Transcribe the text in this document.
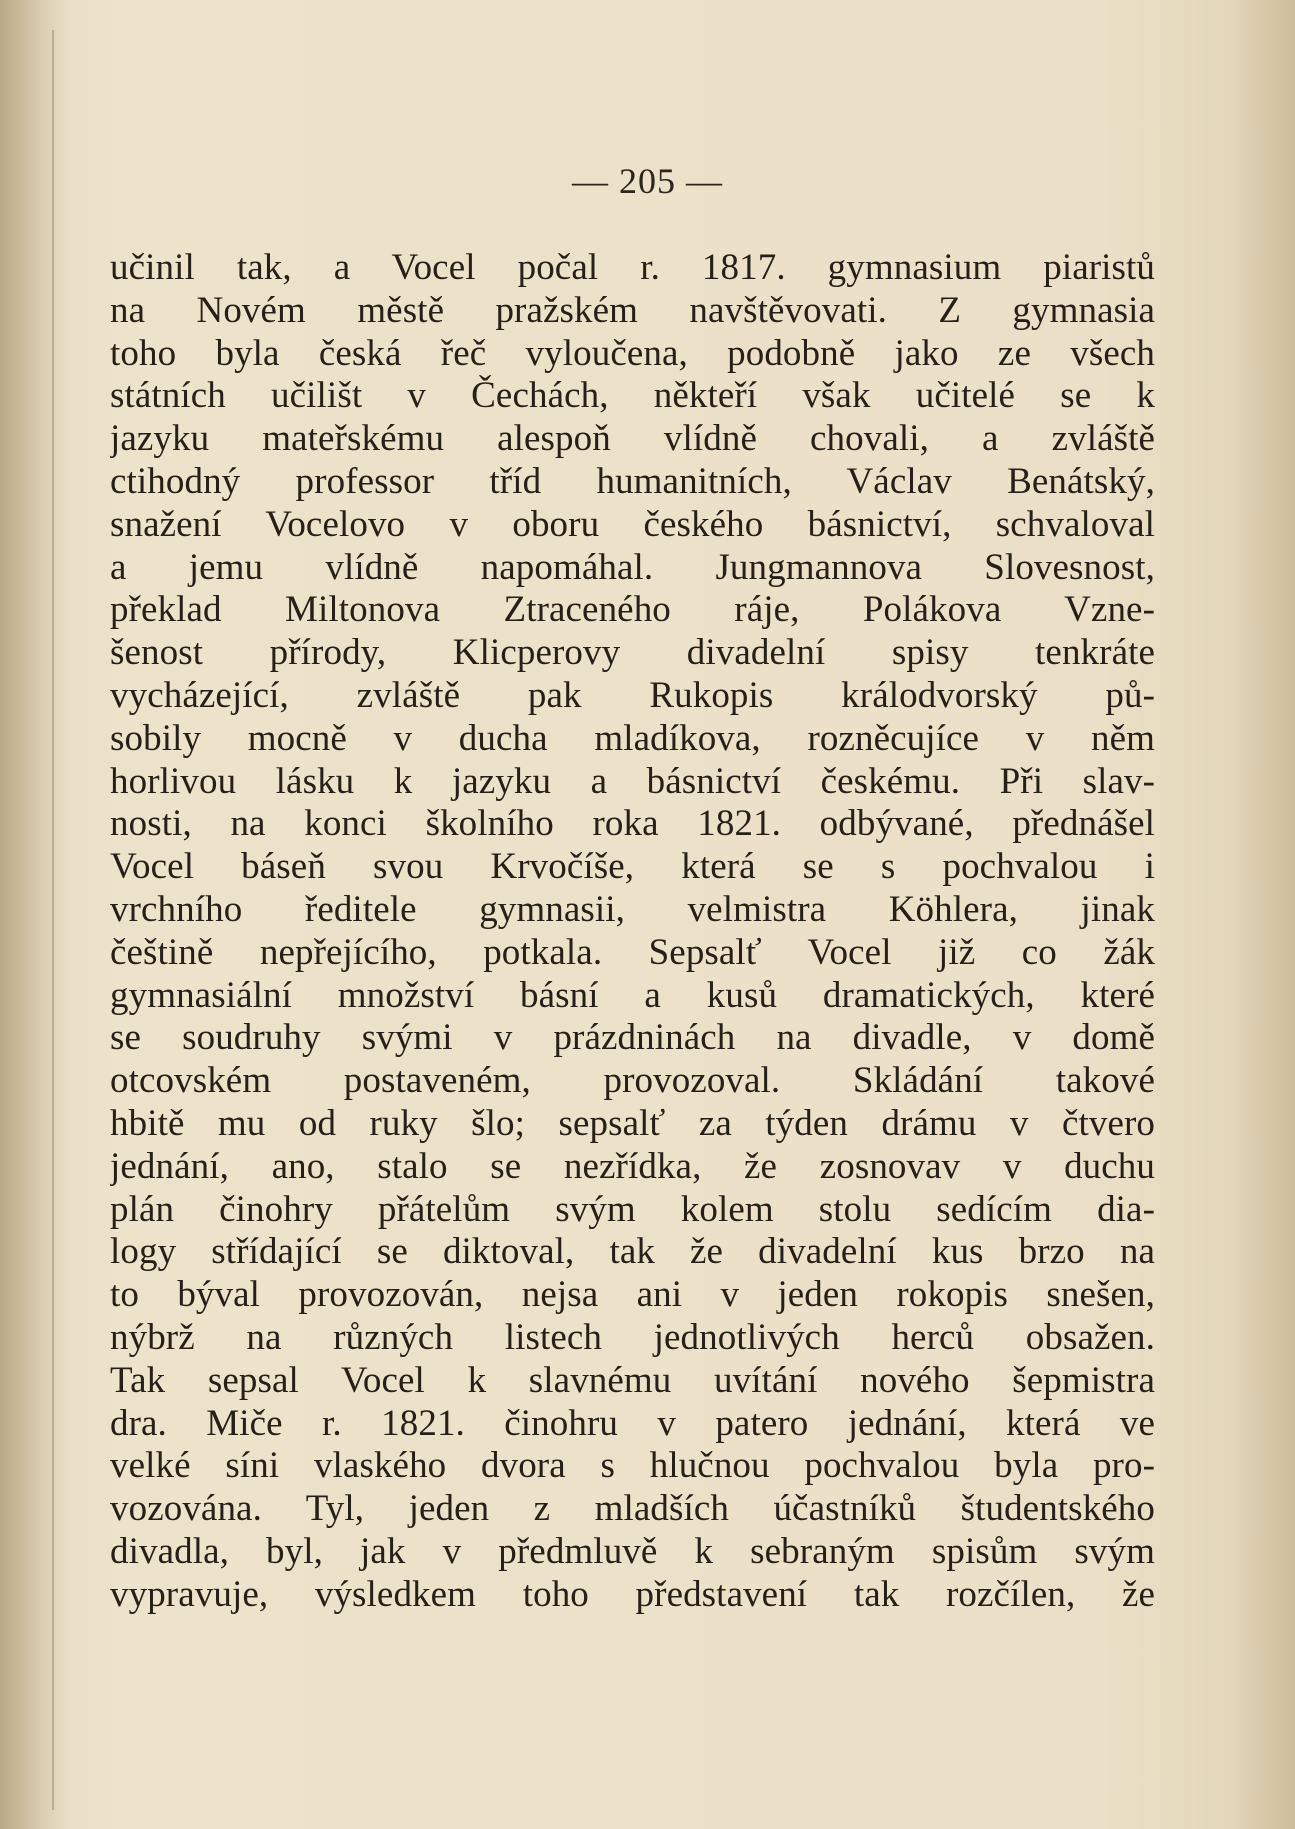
— 205 —
učinil tak, a Vocel počal r. 1817. gymnasium piaristů
na Novém městě pražském navštěvovati. Z gymnasia
toho byla česká řeč vyloučena, podobně jako ze všech
státních učilišt v Čechách, někteří však učitelé se k
jazyku mateřskému alespoň vlídně chovali, a zvláště
ctihodný professor tříd humanitních, Václav Benátský,
snažení Vocelovo v oboru českého básnictví, schvaloval
a jemu vlídně napomáhal. Jungmannova Slovesnost,
překlad Miltonova Ztraceného ráje, Polákova Vzne-
šenost přírody, Klicperovy divadelní spisy tenkráte
vycházející, zvláště pak Rukopis králodvorský pů-
sobily mocně v ducha mladíkova, rozněcujíce v něm
horlivou lásku k jazyku a básnictví českému. Při slav-
nosti, na konci školního roka 1821. odbývané, přednášel
Vocel báseň svou Krvočíše, která se s pochvalou i
vrchního ředitele gymnasii, velmistra Köhlera, jinak
češtině nepřejícího, potkala. Sepsalť Vocel již co žák
gymnasiální množství básní a kusů dramatických, které
se soudruhy svými v prázdninách na divadle, v domě
otcovském postaveném, provozoval. Skládání takové
hbitě mu od ruky šlo; sepsalť za týden drámu v čtvero
jednání, ano, stalo se nezřídka, že zosnovav v duchu
plán činohry přátelům svým kolem stolu sedícím dia-
logy střídající se diktoval, tak že divadelní kus brzo na
to býval provozován, nejsa ani v jeden rokopis snešen,
nýbrž na různých listech jednotlivých herců obsažen.
Tak sepsal Vocel k slavnému uvítání nového šepmistra
dra. Miče r. 1821. činohru v patero jednání, která ve
velké síni vlaského dvora s hlučnou pochvalou byla pro-
vozována. Tyl, jeden z mladších účastníků študentského
divadla, byl, jak v předmluvě k sebraným spisům svým
vypravuje, výsledkem toho představení tak rozčílen, že
